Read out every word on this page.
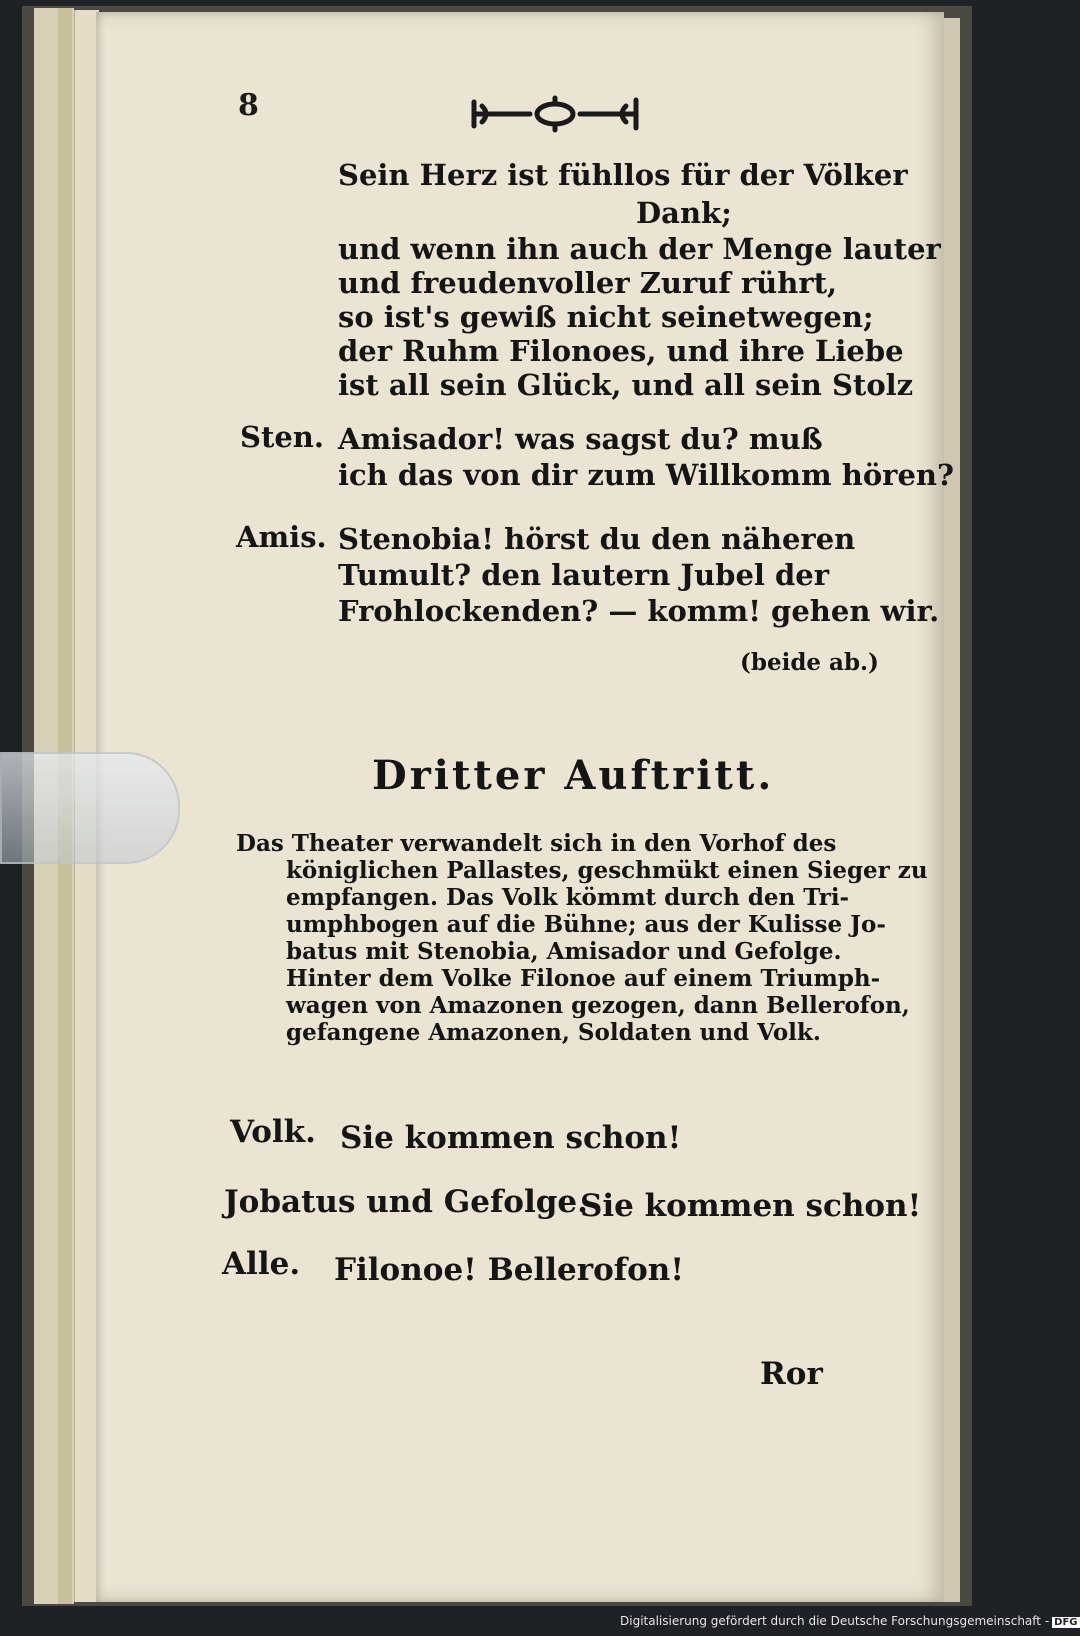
8

Sein Herz ist fühllos für der Völker

Dank;

und wenn ihn auch der Menge lauter

und freudenvoller Zuruf rührt,

so ist's gewiß nicht seinetwegen;

der Ruhm Filonoes, und ihre Liebe

ist all sein Glück, und all sein Stolz

Sten. Amisador! was sagst du? muß

ich das von dir zum Willkomm hören?

Amis. Stenobia! hörst du den näheren

Tumult? den lautern Jubel der

Frohlockenden? — komm! gehen wir.

(beide ab.)

Dritter Auftritt.

Das Theater verwandelt sich in den Vorhof des

königlichen Pallastes, geschmükt einen Sieger zu

empfangen. Das Volk kömmt durch den Tri-

umphbogen auf die Bühne; aus der Kulisse Jo-

batus mit Stenobia, Amisador und Gefolge.

Hinter dem Volke Filonoe auf einem Triumph-

wagen von Amazonen gezogen, dann Bellerofon,

gefangene Amazonen, Soldaten und Volk.

Volk. Sie kommen schon!

Jobatus und Gefolge.

Sie kommen schon!

Alle. Filonoe! Bellerofon!

Ror

Digitalisierung gefördert durch die Deutsche Forschungsgemeinschaft - DFG
